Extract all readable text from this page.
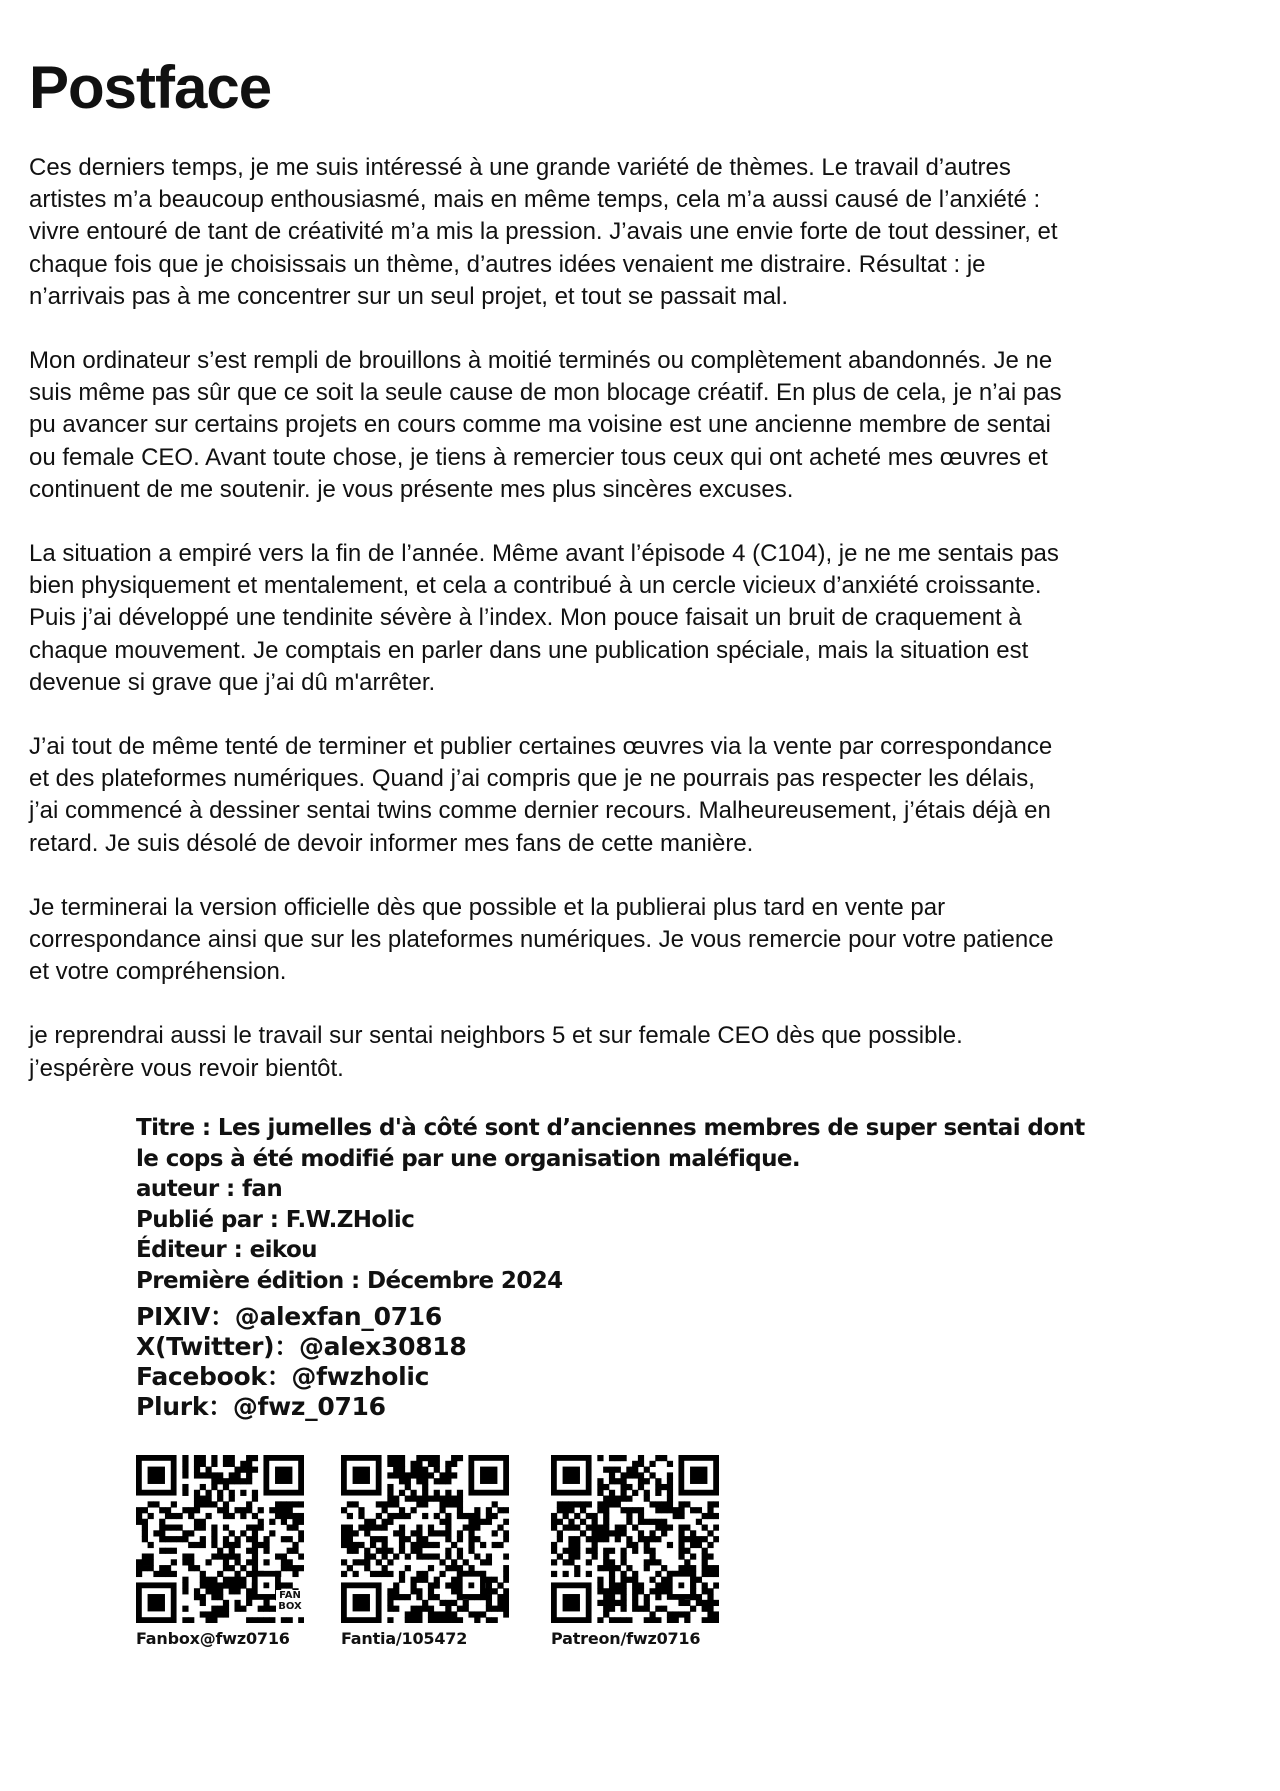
Postface

Ces derniers temps, je me suis intéressé à une grande variété de thèmes. Le travail d’autres
artistes m’a beaucoup enthousiasmé, mais en même temps, cela m’a aussi causé de l’anxiété :
vivre entouré de tant de créativité m’a mis la pression. J’avais une envie forte de tout dessiner, et
chaque fois que je choisissais un thème, d’autres idées venaient me distraire. Résultat : je
n’arrivais pas à me concentrer sur un seul projet, et tout se passait mal.

Mon ordinateur s’est rempli de brouillons à moitié terminés ou complètement abandonnés. Je ne
suis même pas sûr que ce soit la seule cause de mon blocage créatif. En plus de cela, je n’ai pas
pu avancer sur certains projets en cours comme ma voisine est une ancienne membre de sentai
ou female CEO. Avant toute chose, je tiens à remercier tous ceux qui ont acheté mes œuvres et
continuent de me soutenir. je vous présente mes plus sincères excuses.

La situation a empiré vers la fin de l’année. Même avant l’épisode 4 (C104), je ne me sentais pas
bien physiquement et mentalement, et cela a contribué à un cercle vicieux d’anxiété croissante.
Puis j’ai développé une tendinite sévère à l’index. Mon pouce faisait un bruit de craquement à
chaque mouvement. Je comptais en parler dans une publication spéciale, mais la situation est
devenue si grave que j’ai dû m'arrêter.

J’ai tout de même tenté de terminer et publier certaines œuvres via la vente par correspondance
et des plateformes numériques. Quand j’ai compris que je ne pourrais pas respecter les délais,
j’ai commencé à dessiner sentai twins comme dernier recours. Malheureusement, j’étais déjà en
retard. Je suis désolé de devoir informer mes fans de cette manière.

Je terminerai la version officielle dès que possible et la publierai plus tard en vente par
correspondance ainsi que sur les plateformes numériques. Je vous remercie pour votre patience
et votre compréhension.

je reprendrai aussi le travail sur sentai neighbors 5 et sur female CEO dès que possible.
j’espérère vous revoir bientôt.

Titre : Les jumelles d'à côté sont d’anciennes membres de super sentai dont
le cops à été modifié par une organisation maléfique.
auteur : fan
Publié par : F.W.ZHolic
Éditeur : eikou
Première édition : Décembre 2024
PIXIV：@alexfan_0716
X(Twitter)：@alex30818
Facebook：@fwzholic
Plurk：@fwz_0716
FAN
BOX
Fanbox@fwz0716	Fantia/105472	Patreon/fwz0716
